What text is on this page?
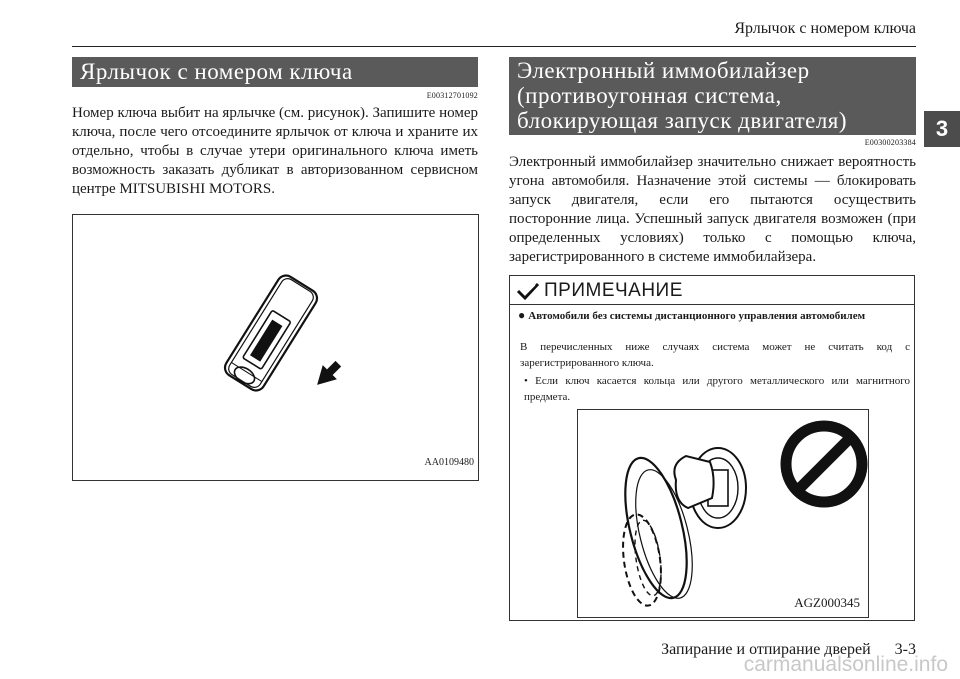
Ярлычок с номером ключа
3
Ярлычок с номером ключа
E00312701092
Номер ключа выбит на ярлычке (см. рисунок). Запишите номер ключа, после чего отсоедините ярлычок от ключа и храните их отдельно, чтобы в случае утери оригинального ключа иметь возможность заказать дубликат в авторизованном сервисном центре MITSUBISHI MOTORS.
AA0109480
Электронный иммобилайзер
(противоугонная система,
блокирующая запуск двигателя)
E00300203384
Электронный иммобилайзер значительно снижает вероятность угона автомобиля. Назначение этой системы — блокировать запуск двигателя, если его пытаются осуществить посторонние лица. Успешный запуск двигателя возможен (при определенных условиях) только с помощью ключа, зарегистрированного в системе иммобилайзера.
ПРИМЕЧАНИЕ
● Автомобили без системы дистанционного управления автомобилем
В перечисленных ниже случаях система может не считать код с зарегистрированного ключа.
• Если ключ касается кольца или другого металлического или магнитного предмета.
AGZ000345
Запирание и отпирание дверей 3-3
carmanualsonline.info
